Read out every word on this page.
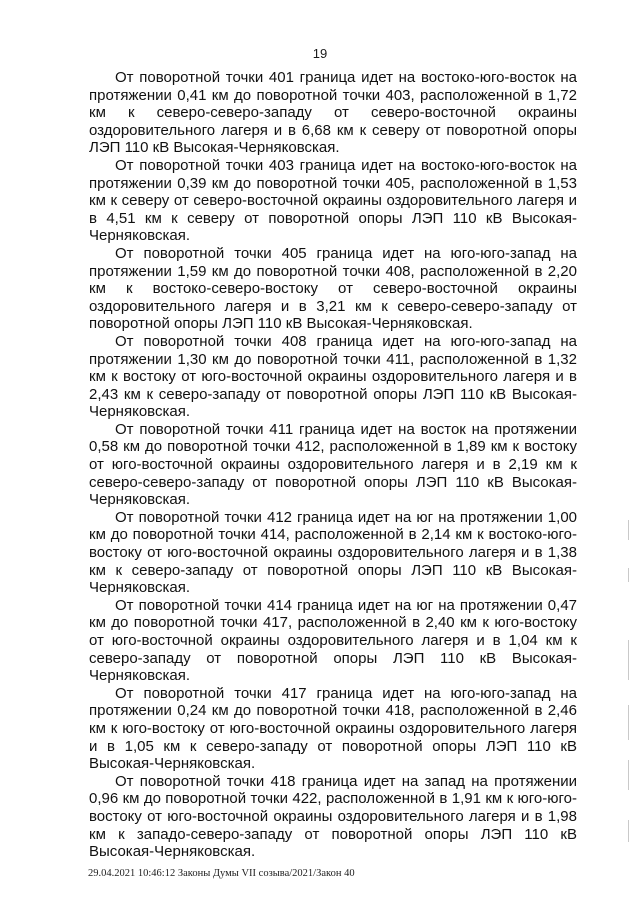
19

От поворотной точки 401 граница идет на востоко-юго-восток на протяжении 0,41 км до поворотной точки 403, расположенной в 1,72 км к северо-северо-западу от северо-восточной окраины оздоровительного лагеря и в 6,68 км к северу от поворотной опоры ЛЭП 110 кВ Высокая-Черняковская.

От поворотной точки 403 граница идет на востоко-юго-восток на протяжении 0,39 км до поворотной точки 405, расположенной в 1,53 км к северу от северо-восточной окраины оздоровительного лагеря и в 4,51 км к северу от поворотной опоры ЛЭП 110 кВ Высокая-Черняковская.

От поворотной точки 405 граница идет на юго-юго-запад на протяжении 1,59 км до поворотной точки 408, расположенной в 2,20 км к востоко-северо-востоку от северо-восточной окраины оздоровительного лагеря и в 3,21 км к северо-северо-западу от поворотной опоры ЛЭП 110 кВ Высокая-Черняковская.

От поворотной точки 408 граница идет на юго-юго-запад на протяжении 1,30 км до поворотной точки 411, расположенной в 1,32 км к востоку от юго-восточной окраины оздоровительного лагеря и в 2,43 км к северо-западу от поворотной опоры ЛЭП 110 кВ Высокая-Черняковская.

От поворотной точки 411 граница идет на восток на протяжении 0,58 км до поворотной точки 412, расположенной в 1,89 км к востоку от юго-восточной окраины оздоровительного лагеря и в 2,19 км к северо-северо-западу от поворотной опоры ЛЭП 110 кВ Высокая-Черняковская.

От поворотной точки 412 граница идет на юг на протяжении 1,00 км до поворотной точки 414, расположенной в 2,14 км к востоко-юго-востоку от юго-восточной окраины оздоровительного лагеря и в 1,38 км к северо-западу от поворотной опоры ЛЭП 110 кВ Высокая-Черняковская.

От поворотной точки 414 граница идет на юг на протяжении 0,47 км до поворотной точки 417, расположенной в 2,40 км к юго-востоку от юго-восточной окраины оздоровительного лагеря и в 1,04 км к северо-западу от поворотной опоры ЛЭП 110 кВ Высокая-Черняковская.

От поворотной точки 417 граница идет на юго-юго-запад на протяжении 0,24 км до поворотной точки 418, расположенной в 2,46 км к юго-востоку от юго-восточной окраины оздоровительного лагеря и в 1,05 км к северо-западу от поворотной опоры ЛЭП 110 кВ Высокая-Черняковская.

От поворотной точки 418 граница идет на запад на протяжении 0,96 км до поворотной точки 422, расположенной в 1,91 км к юго-юго-востоку от юго-восточной окраины оздоровительного лагеря и в 1,98 км к западо-северо-западу от поворотной опоры ЛЭП 110 кВ Высокая-Черняковская.

29.04.2021 10:46:12 Законы Думы VII созыва/2021/Закон 40
